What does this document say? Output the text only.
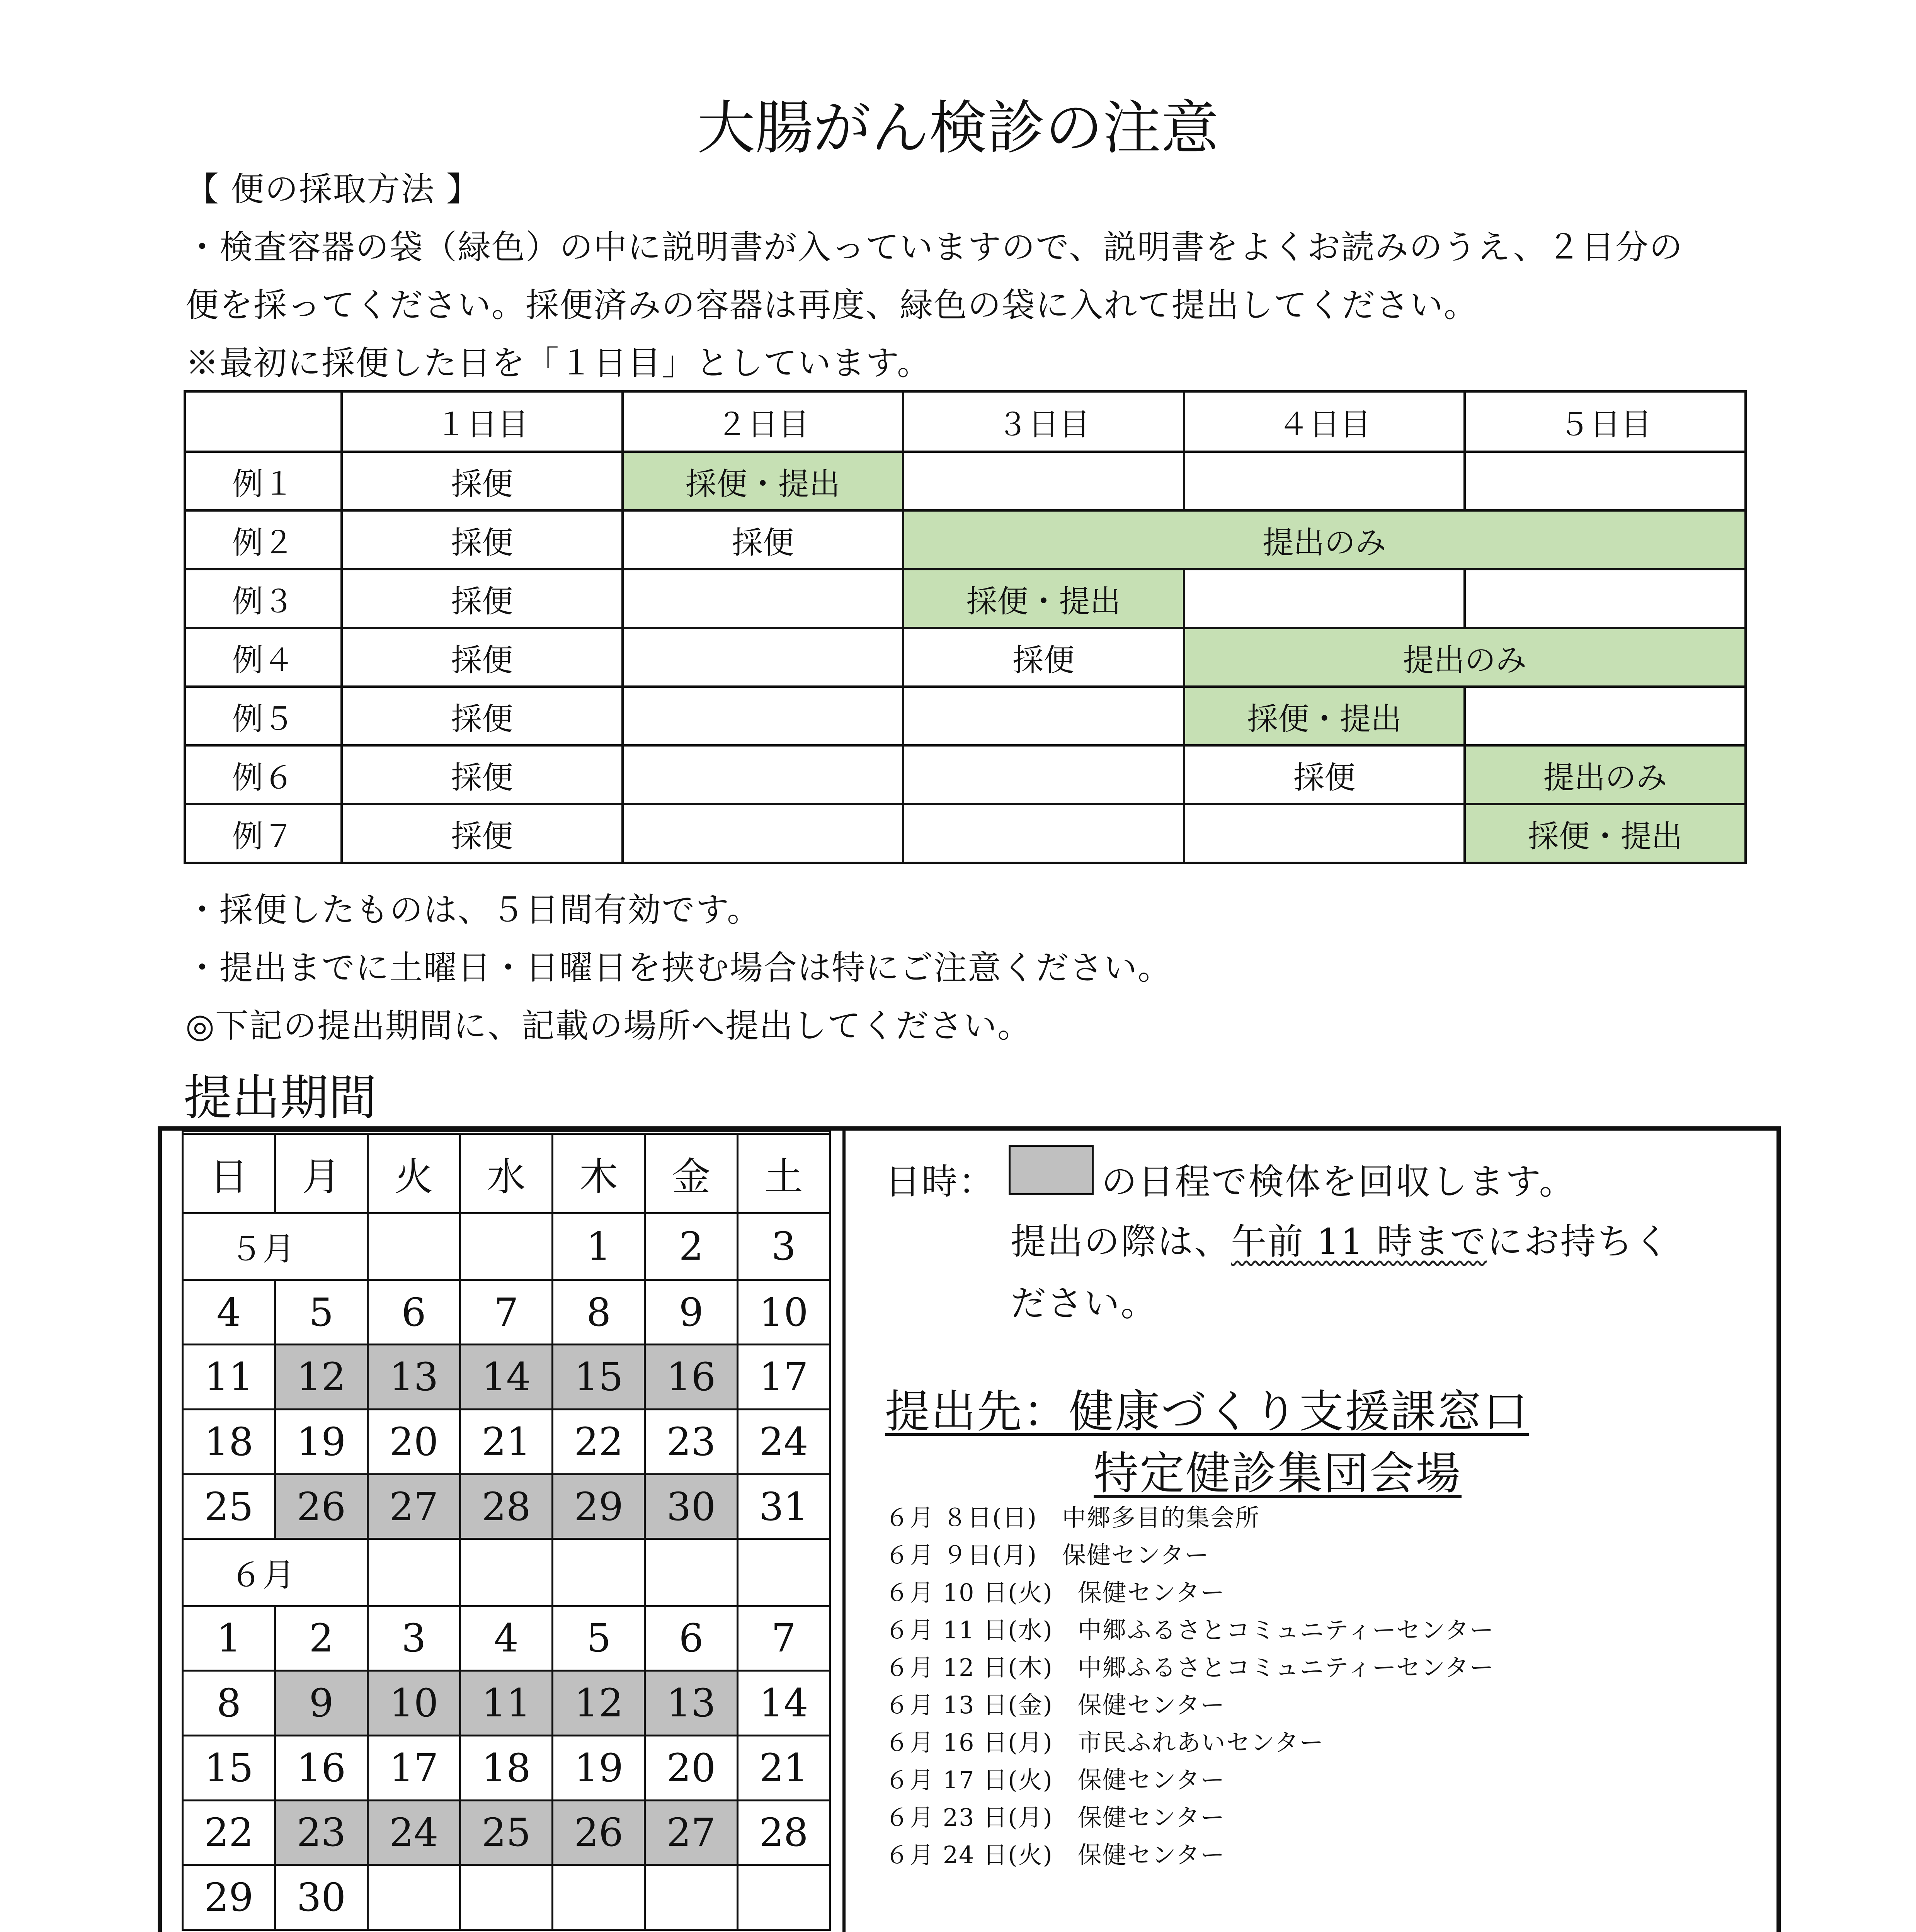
大腸がん検診の注意
【 便の採取方法 】
・検査容器の袋（緑色）の中に説明書が入っていますので、説明書をよくお読みのうえ、２日分の
便を採ってください。採便済みの容器は再度、緑色の袋に入れて提出してください。
※最初に採便した日を「１日目」としています。
	１日目	２日目	３日目	４日目	５日目
例１	採便	採便・提出			
例２	採便	採便	提出のみ		
例３	採便		採便・提出		
例４	採便		採便	提出のみ	
例５	採便			採便・提出	
例６	採便			採便	提出のみ
例７	採便				採便・提出
・採便したものは、５日間有効です。
・提出までに土曜日・日曜日を挟む場合は特にご注意ください。
◎下記の提出期間に、記載の場所へ提出してください。
提出期間

日	月	火	水	木	金	土
５月				1	2	3
4	5	6	7	8	9	10
11	12	13	14	15	16	17
18	19	20	21	22	23	24
25	26	27	28	29	30	31
６月						
1	2	3	4	5	6	7
8	9	10	11	12	13	14
15	16	17	18	19	20	21
22	23	24	25	26	27	28
29	30					
日時：	の日程で検体を回収します。
提出の際は、午前 11 時までにお持ちく
ださい。
提出先：健康づくり支援課窓口
特定健診集団会場
６月 ８日(日)　中郷多目的集会所
６月 ９日(月)　保健センター
６月 10 日(火)　保健センター
６月 11 日(水)　中郷ふるさとコミュニティーセンター
６月 12 日(木)　中郷ふるさとコミュニティーセンター
６月 13 日(金)　保健センター
６月 16 日(月)　市民ふれあいセンター
６月 17 日(火)　保健センター
６月 23 日(月)　保健センター
６月 24 日(火)　保健センター
